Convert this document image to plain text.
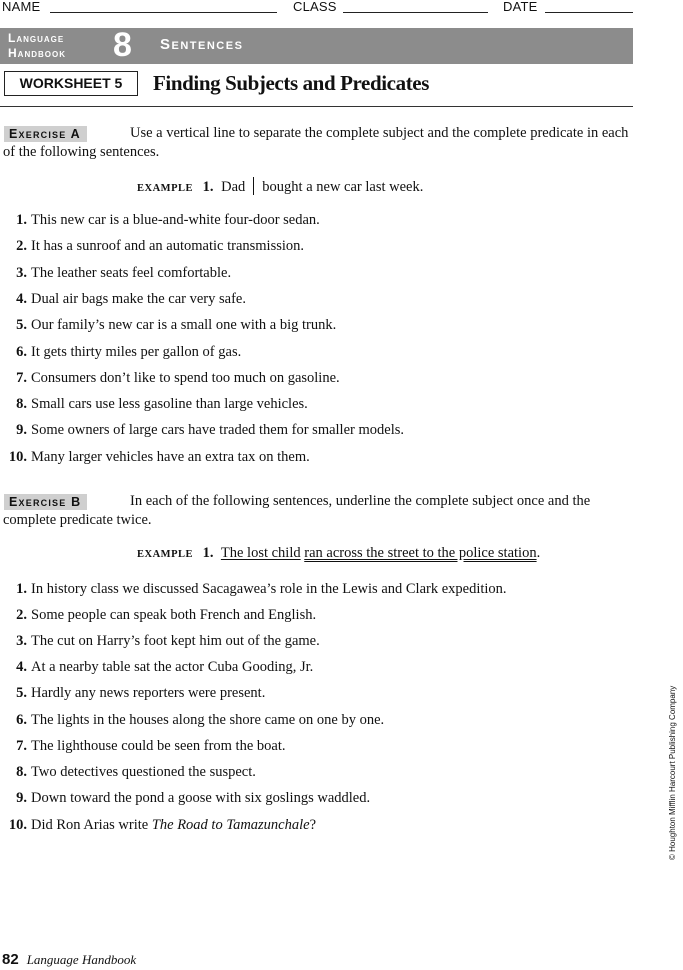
NAME	CLASS	DATE
Language
Handbook 8 Sentences
WORKSHEET 5	Finding Subjects and Predicates
Exercise A	Use a vertical line to separate the complete subject and the complete predicate in each of the following sentences.
EXAMPLE 1. Dad bought a new car last week.
1. This new car is a blue-and-white four-door sedan.
2. It has a sunroof and an automatic transmission.
3. The leather seats feel comfortable.
4. Dual air bags make the car very safe.
5. Our family’s new car is a small one with a big trunk.
6. It gets thirty miles per gallon of gas.
7. Consumers don’t like to spend too much on gasoline.
8. Small cars use less gasoline than large vehicles.
9. Some owners of large cars have traded them for smaller models.
10. Many larger vehicles have an extra tax on them.
Exercise B	In each of the following sentences, underline the complete subject once and the complete predicate twice.
EXAMPLE 1. The lost child ran across the street to the police station.
1. In history class we discussed Sacagawea’s role in the Lewis and Clark expedition.
2. Some people can speak both French and English.
3. The cut on Harry’s foot kept him out of the game.
4. At a nearby table sat the actor Cuba Gooding, Jr.
5. Hardly any news reporters were present.
6. The lights in the houses along the shore came on one by one.
7. The lighthouse could be seen from the boat.
8. Two detectives questioned the suspect.
9. Down toward the pond a goose with six goslings waddled.
10. Did Ron Arias write The Road to Tamazunchale?	© Houghton Mifflin Harcourt Publishing Company
82 Language Handbook
